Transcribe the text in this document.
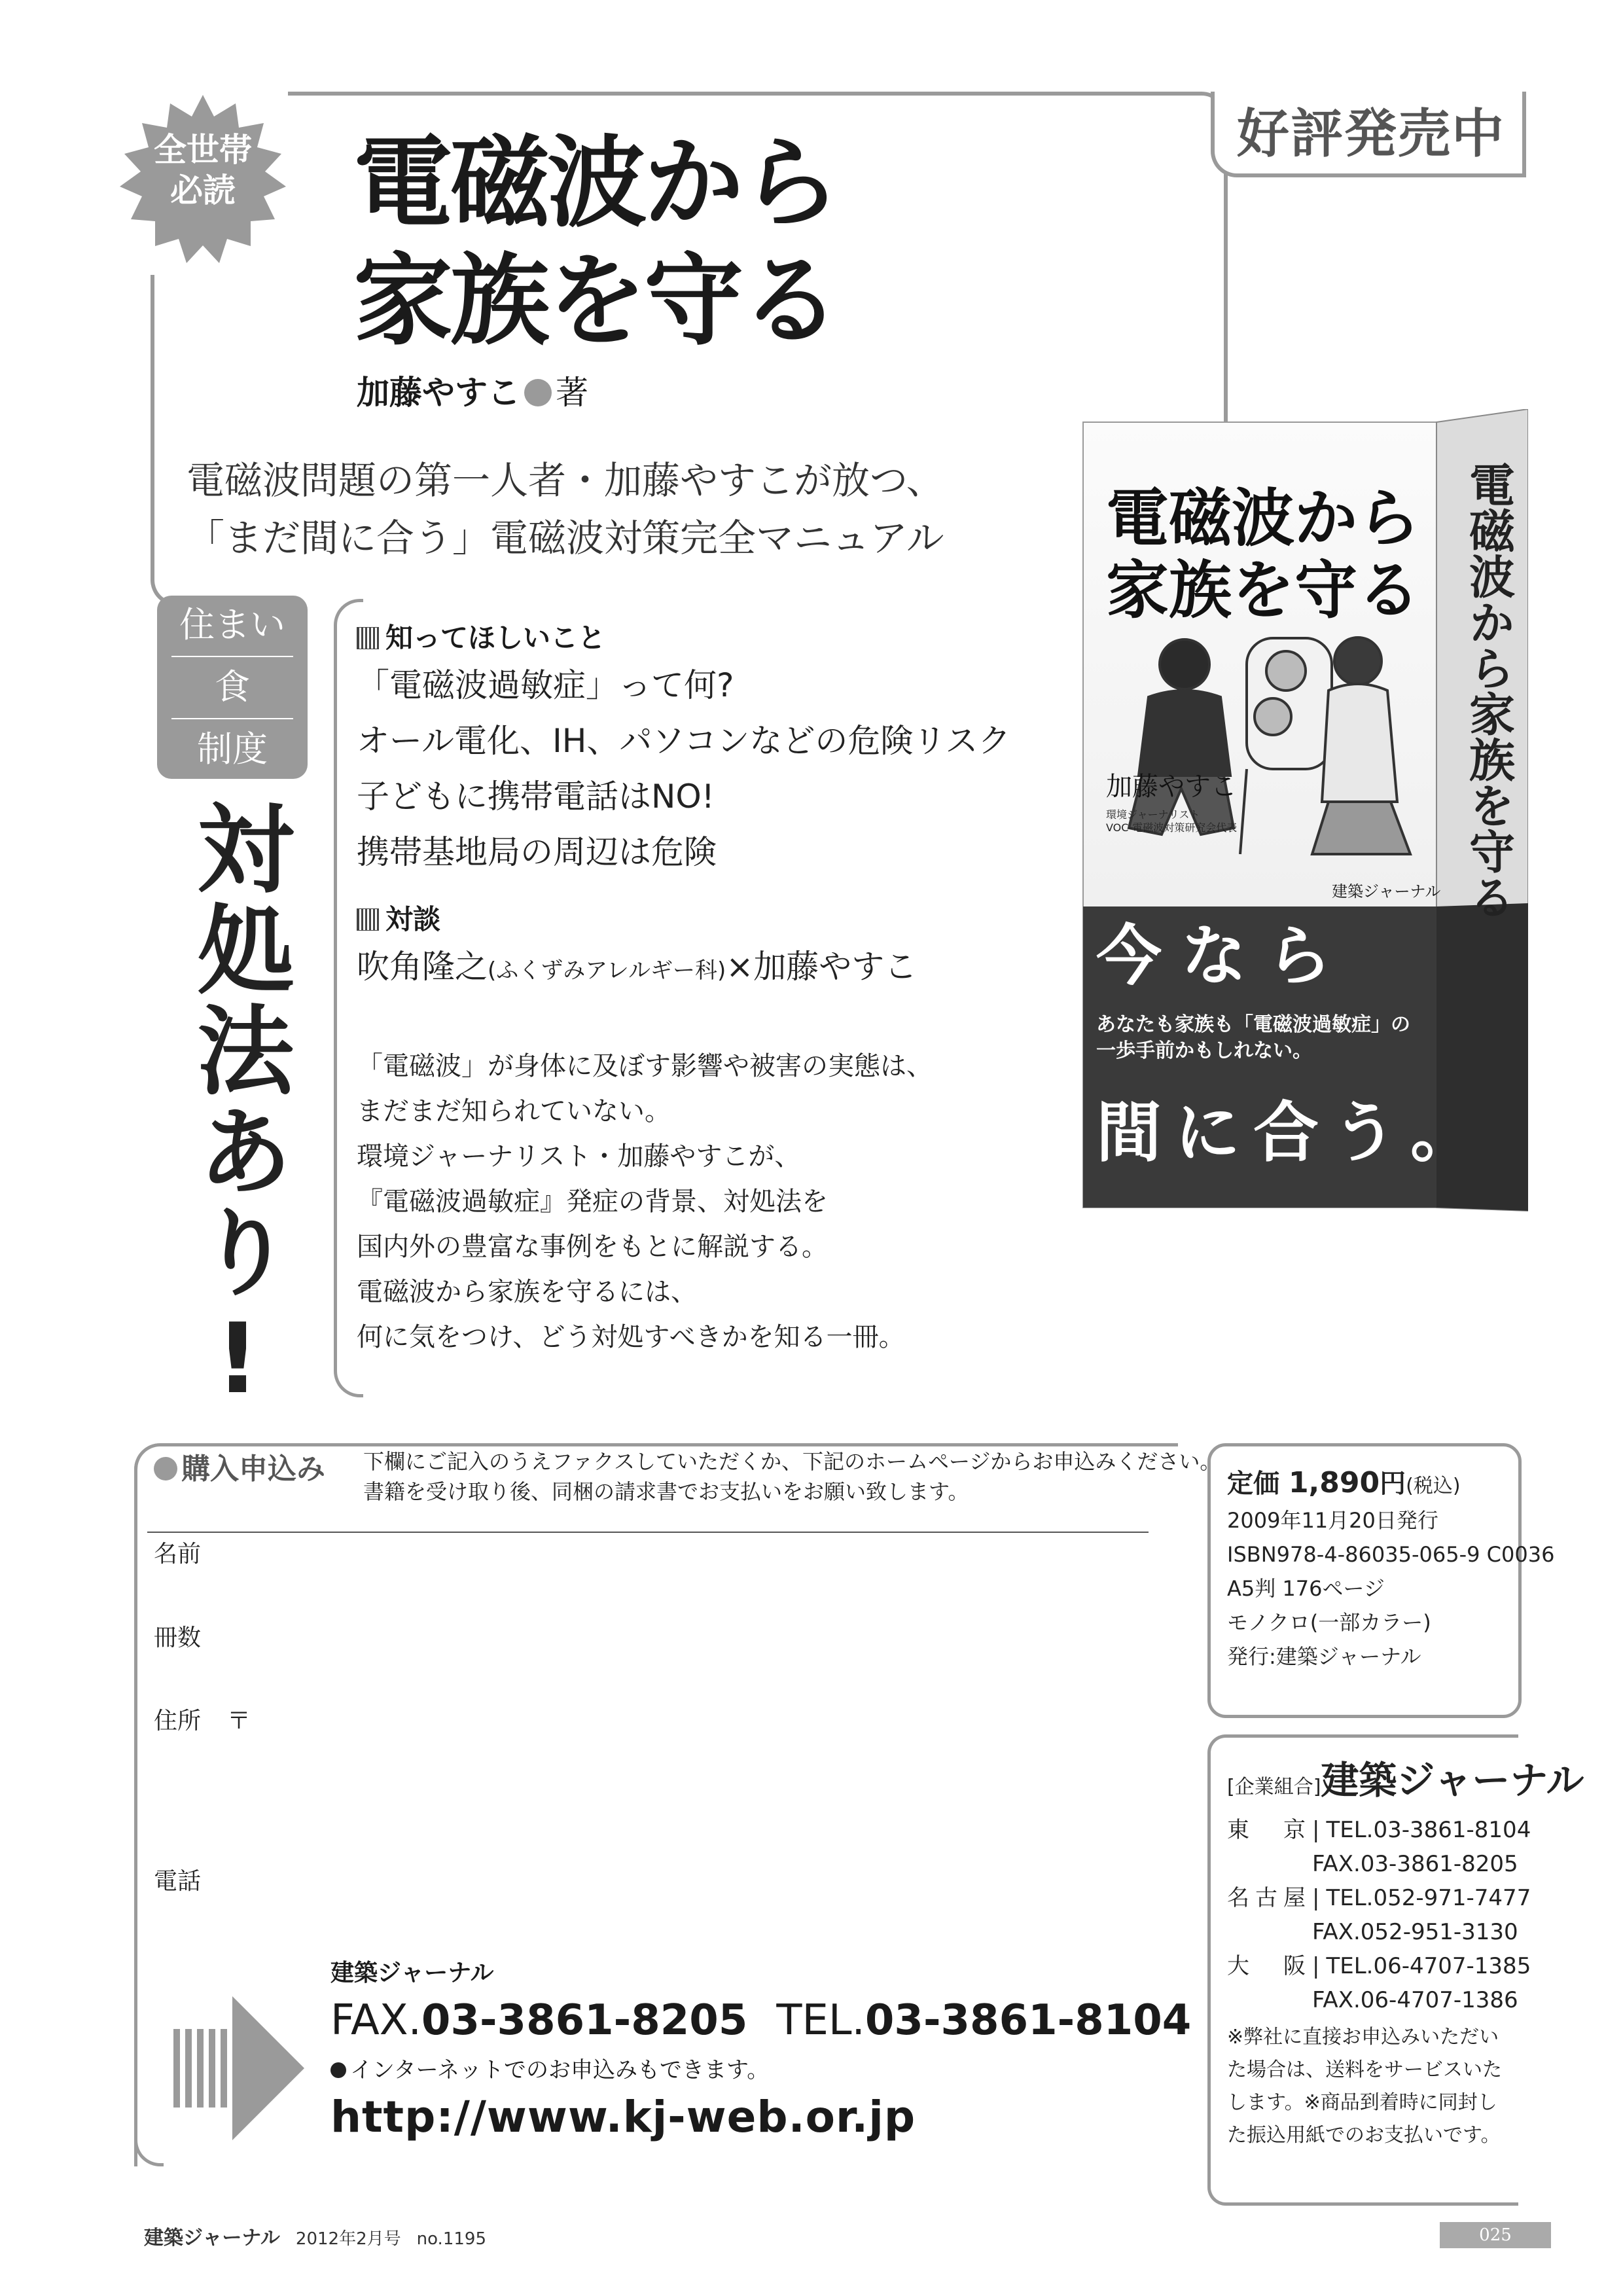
全世帯
必読
好評発売中
電磁波から
家族を守る
加藤やすこ 著
電磁波問題の第一人者・加藤やすこが放つ、
「まだ間に合う」電磁波対策完全マニュアル	電磁波から
家族を守る
加藤やすこ
環境ジャーナリスト
VOC-電磁波対策研究会代表
建築ジャーナル
今なら
あなたも家族も「電磁波過敏症」の
一歩手前かもしれない。
間に合う。
電磁波から家族を守る
住まい
食
制度
対処法あり!
知ってほしいこと
「電磁波過敏症」って何?
オール電化、IH、パソコンなどの危険リスク
子どもに携帯電話はNO!
携帯基地局の周辺は危険
対談
吹角隆之(ふくずみアレルギー科)×加藤やすこ
「電磁波」が身体に及ぼす影響や被害の実態は、
まだまだ知られていない。
環境ジャーナリスト・加藤やすこが、
『電磁波過敏症』発症の背景、対処法を
国内外の豊富な事例をもとに解説する。
電磁波から家族を守るには、
何に気をつけ、どう対処すべきかを知る一冊。
購入申込み 下欄にご記入のうえファクスしていただくか、下記のホームページからお申込みください。
書籍を受け取り後、同梱の請求書でお支払いをお願い致します。
名前
冊数
住所 〒
電話
建築ジャーナル
FAX.03-3861-8205 TEL.03-3861-8104
インターネットでのお申込みもできます。
http://www.kj-web.or.jp
定価 1,890円(税込)
2009年11月20日発行
ISBN978-4-86035-065-9 C0036
A5判 176ページ
モノクロ(一部カラー)
発行:建築ジャーナル
[企業組合]建築ジャーナル
東京 | TEL.03-3861-8104
FAX.03-3861-8205
名古屋 | TEL.052-971-7477
FAX.052-951-3130
大阪 | TEL.06-4707-1385
FAX.06-4707-1386
※弊社に直接お申込みいただいた場合は、送料をサービスいたします。※商品到着時に同封した振込用紙でのお支払いです。
建築ジャーナル 2012年2月号 no.1195	025
